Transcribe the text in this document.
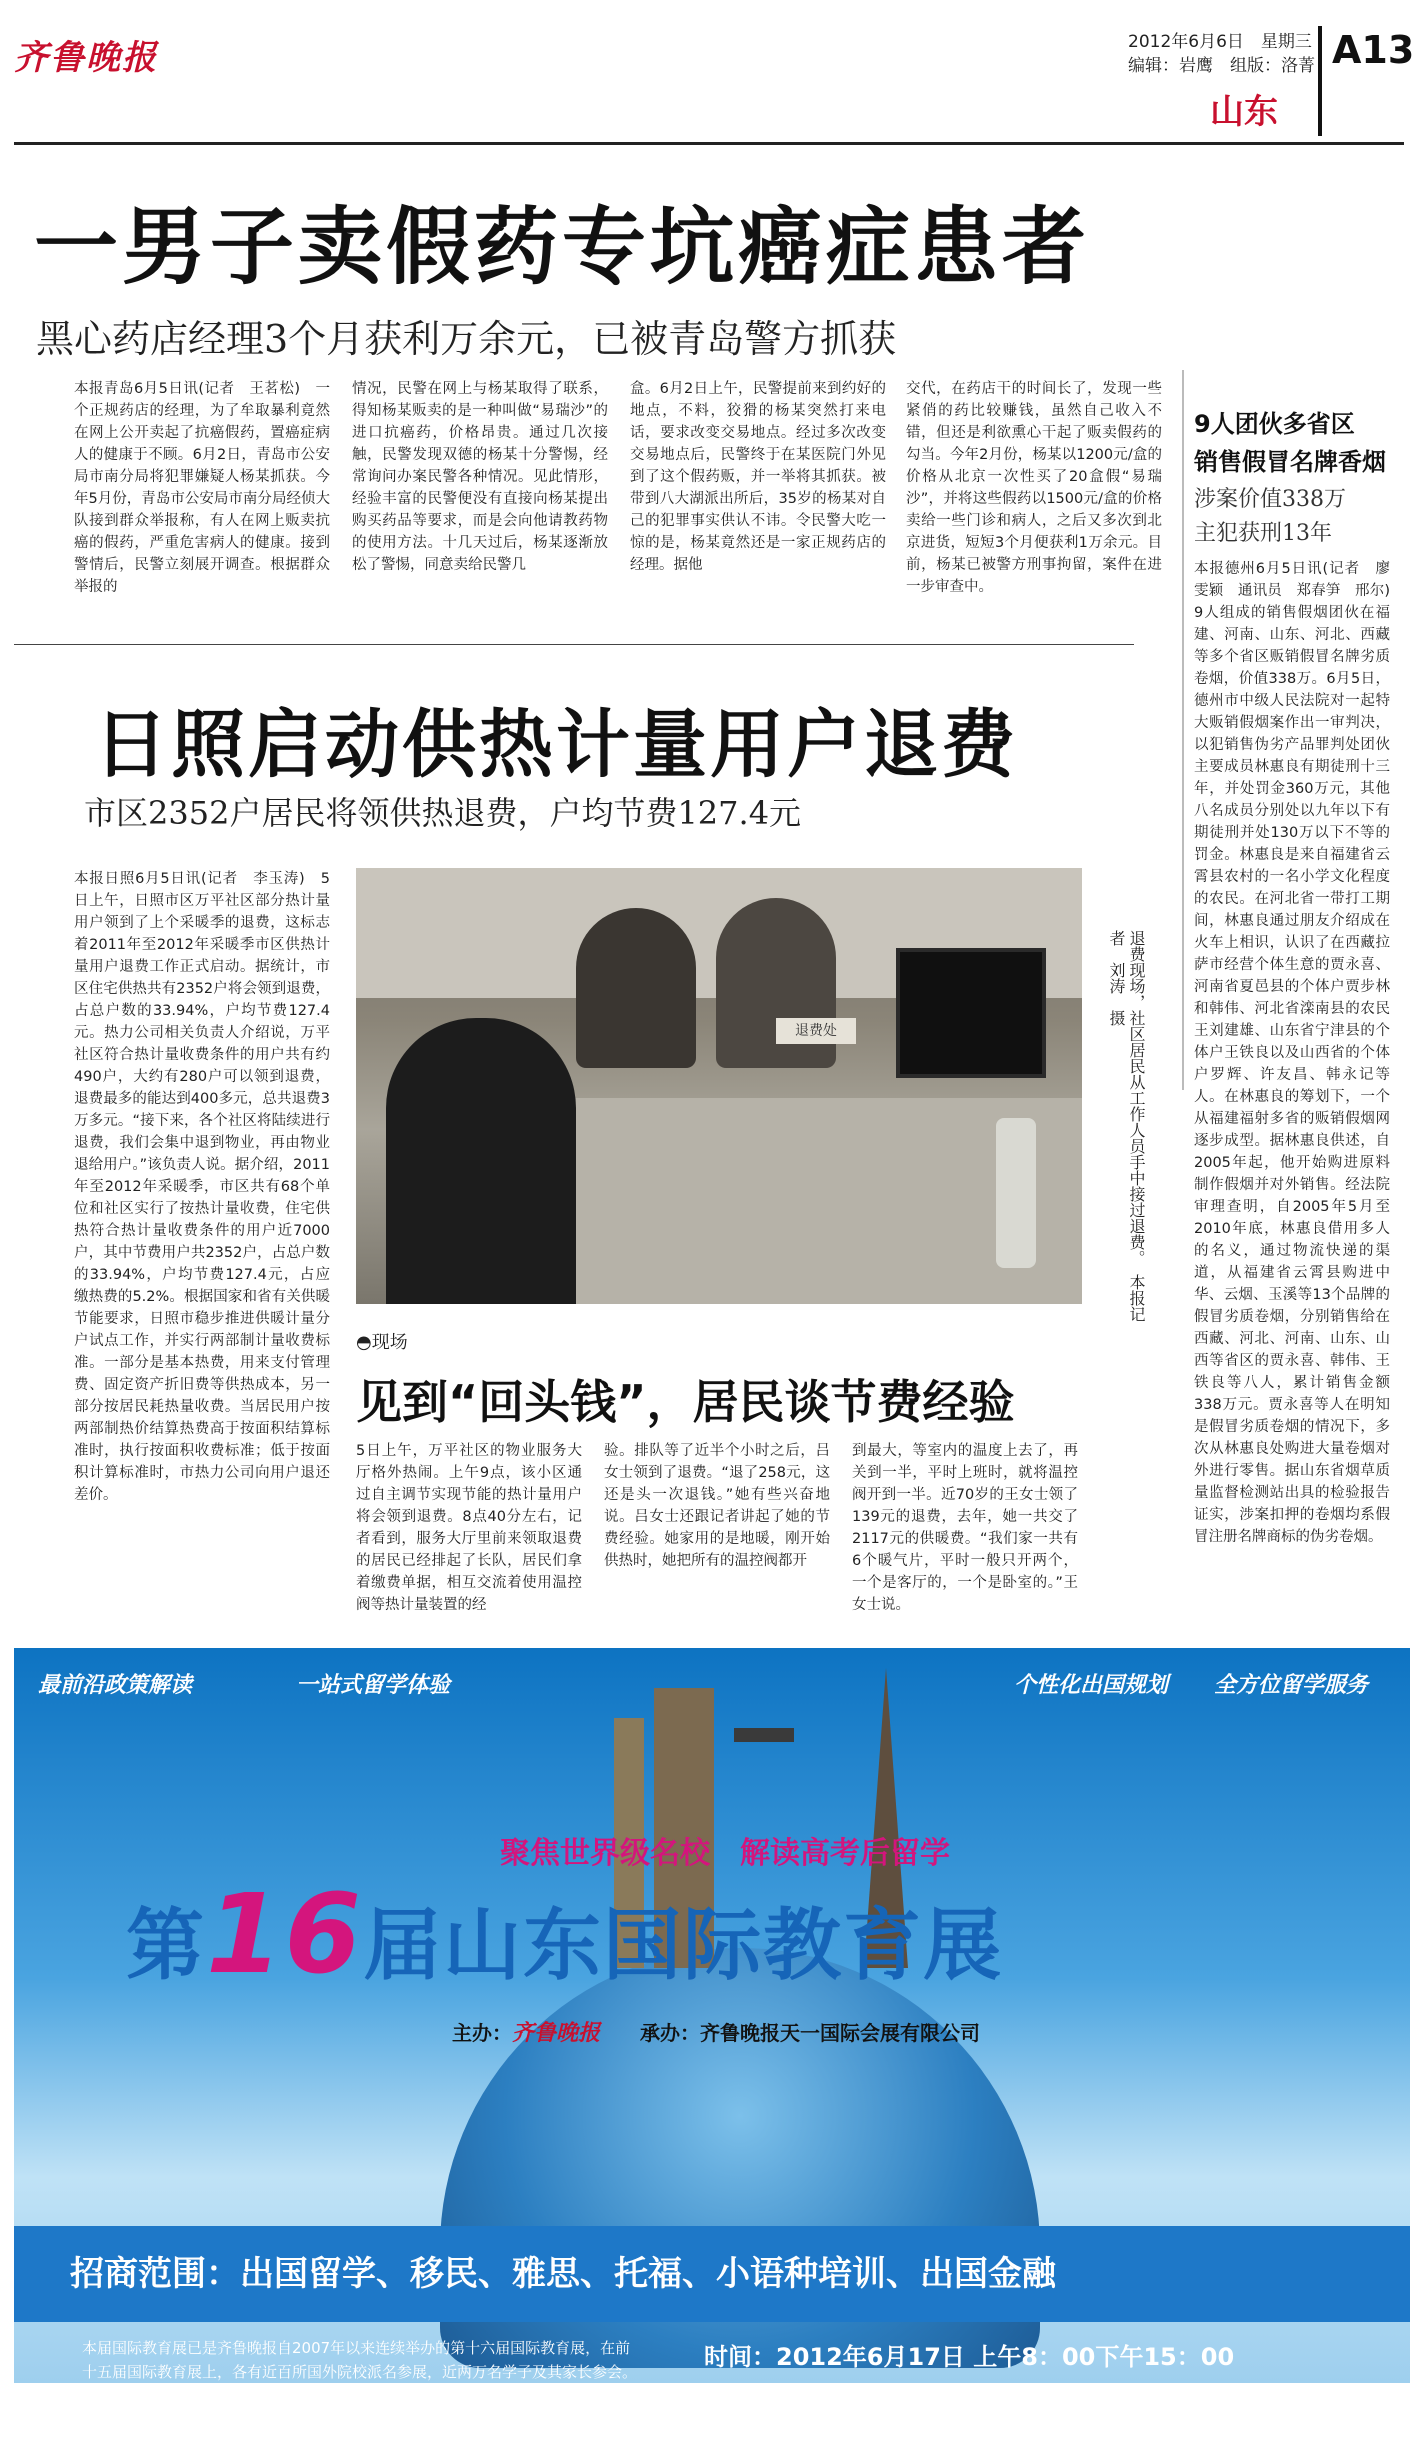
齐鲁晚报	2012年6月6日　 星期三
编辑：岩鹰　组版：洛菁 A13
山东
一男子卖假药专坑癌症患者
黑心药店经理3个月获利万余元，已被青岛警方抓获
本报青岛6月5日讯(记者　王茗松)　一个正规药店的经理，为了牟取暴利竟然在网上公开卖起了抗癌假药，置癌症病人的健康于不顾。6月2日，青岛市公安局市南分局将犯罪嫌疑人杨某抓获。今年5月份，青岛市公安局市南分局经侦大队接到群众举报称，有人在网上贩卖抗癌的假药，严重危害病人的健康。接到警情后，民警立刻展开调查。根据群众举报的
情况，民警在网上与杨某取得了联系，得知杨某贩卖的是一种叫做“易瑞沙”的进口抗癌药，价格昂贵。通过几次接触，民警发现双德的杨某十分警惕，经常询问办案民警各种情况。见此情形，经验丰富的民警便没有直接向杨某提出购买药品等要求，而是会向他请教药物的使用方法。十几天过后，杨某逐渐放松了警惕，同意卖给民警几
盒。6月2日上午，民警提前来到约好的地点，不料，狡猾的杨某突然打来电话，要求改变交易地点。经过多次改变交易地点后，民警终于在某医院门外见到了这个假药贩，并一举将其抓获。被带到八大湖派出所后，35岁的杨某对自己的犯罪事实供认不讳。令民警大吃一惊的是，杨某竟然还是一家正规药店的经理。据他
交代，在药店干的时间长了，发现一些紧俏的药比较赚钱，虽然自己收入不错，但还是利欲熏心干起了贩卖假药的勾当。今年2月份，杨某以1200元/盒的价格从北京一次性买了20盒假“易瑞沙”，并将这些假药以1500元/盒的价格卖给一些门诊和病人，之后又多次到北京进货，短短3个月便获利1万余元。目前，杨某已被警方刑事拘留，案件在进一步审查中。
9人团伙多省区
销售假冒名牌香烟
涉案价值338万
主犯获刑13年
本报德州6月5日讯(记者　廖雯颖　通讯员　郑春笋　邢尔)　9人组成的销售假烟团伙在福建、河南、山东、河北、西藏等多个省区贩销假冒名牌劣质卷烟，价值338万。6月5日，德州市中级人民法院对一起特大贩销假烟案作出一审判决，以犯销售伪劣产品罪判处团伙主要成员林惠良有期徒刑十三年，并处罚金360万元，其他八名成员分别处以九年以下有期徒刑并处130万以下不等的罚金。林惠良是来自福建省云霄县农村的一名小学文化程度的农民。在河北省一带打工期间，林惠良通过朋友介绍成在火车上相识，认识了在西藏拉萨市经营个体生意的贾永喜、河南省夏邑县的个体户贾步林和韩伟、河北省滦南县的农民王刘建雄、山东省宁津县的个体户王铁良以及山西省的个体户罗辉、许友昌、韩永记等人。在林惠良的筹划下，一个从福建福射多省的贩销假烟网逐步成型。据林惠良供述，自2005年起，他开始购进原料制作假烟并对外销售。经法院审理查明，自2005年5月至2010年底，林惠良借用多人的名义，通过物流快递的渠道，从福建省云霄县购进中华、云烟、玉溪等13个品牌的假冒劣质卷烟，分别销售给在西藏、河北、河南、山东、山西等省区的贾永喜、韩伟、王铁良等八人，累计销售金额338万元。贾永喜等人在明知是假冒劣质卷烟的情况下，多次从林惠良处购进大量卷烟对外进行零售。据山东省烟草质量监督检测站出具的检验报告证实，涉案扣押的卷烟均系假冒注册名牌商标的伪劣卷烟。
日照启动供热计量用户退费
市区2352户居民将领供热退费，户均节费127.4元
本报日照6月5日讯(记者　李玉涛)　5日上午，日照市区万平社区部分热计量用户领到了上个采暖季的退费，这标志着2011年至2012年采暖季市区供热计量用户退费工作正式启动。据统计，市区住宅供热共有2352户将会领到退费，占总户数的33.94%，户均节费127.4元。热力公司相关负责人介绍说，万平社区符合热计量收费条件的用户共有约490户，大约有280户可以领到退费，退费最多的能达到400多元，总共退费3万多元。“接下来，各个社区将陆续进行退费，我们会集中退到物业，再由物业退给用户。”该负责人说。据介绍，2011年至2012年采暖季，市区共有68个单位和社区实行了按热计量收费，住宅供热符合热计量收费条件的用户近7000户，其中节费用户共2352户，占总户数的33.94%，户均节费127.4元，占应缴热费的5.2%。根据国家和省有关供暖节能要求，日照市稳步推进供暖计量分户试点工作，并实行两部制计量收费标准。一部分是基本热费，用来支付管理费、固定资产折旧费等供热成本，另一部分按居民耗热量收费。当居民用户按两部制热价结算热费高于按面积结算标准时，执行按面积收费标准；低于按面积计算标准时，市热力公司向用户退还差价。
退费处	退费现场，社区居民从工作人员手中接过退费。　本报记者　刘涛　摄
◓现场
见到“回头钱”，居民谈节费经验
5日上午，万平社区的物业服务大厅格外热闹。上午9点，该小区通过自主调节实现节能的热计量用户将会领到退费。8点40分左右，记者看到，服务大厅里前来领取退费的居民已经排起了长队，居民们拿着缴费单据，相互交流着使用温控阀等热计量装置的经
验。排队等了近半个小时之后，吕女士领到了退费。“退了258元，这还是头一次退钱。”她有些兴奋地说。吕女士还跟记者讲起了她的节费经验。她家用的是地暖，刚开始供热时，她把所有的温控阀都开
到最大，等室内的温度上去了，再关到一半，平时上班时，就将温控阀开到一半。近70岁的王女士领了139元的退费，去年，她一共交了2117元的供暖费。“我们家一共有6个暖气片，平时一般只开两个，一个是客厅的，一个是卧室的。”王女士说。
最前沿政策解读	一站式留学体验	个性化出国规划 全方位留学服务
聚焦世界级名校　解读高考后留学
第16届山东国际教育展
主办：齐鲁晚报　　 承办：齐鲁晚报天一国际会展有限公司
招商范围：出国留学、移民、雅思、托福、小语种培训、出国金融
本届国际教育展已是齐鲁晚报自2007年以来连续举办的第十六届国际教育展，在前十五届国际教育展上，各有近百所国外院校派名参展，近两万名学子及其家长参会。本报举办的国际教育展已发展为省内规模最大、影响最广、内容最全、口碑最好、人气最旺的展会。
时间：2012年6月17日 上午8：00下午15：00
地点：济南舜耕国际会展中心（市中区舜耕路28号）
咨询电话：0531-85196195 / 85196197 / 85196575
